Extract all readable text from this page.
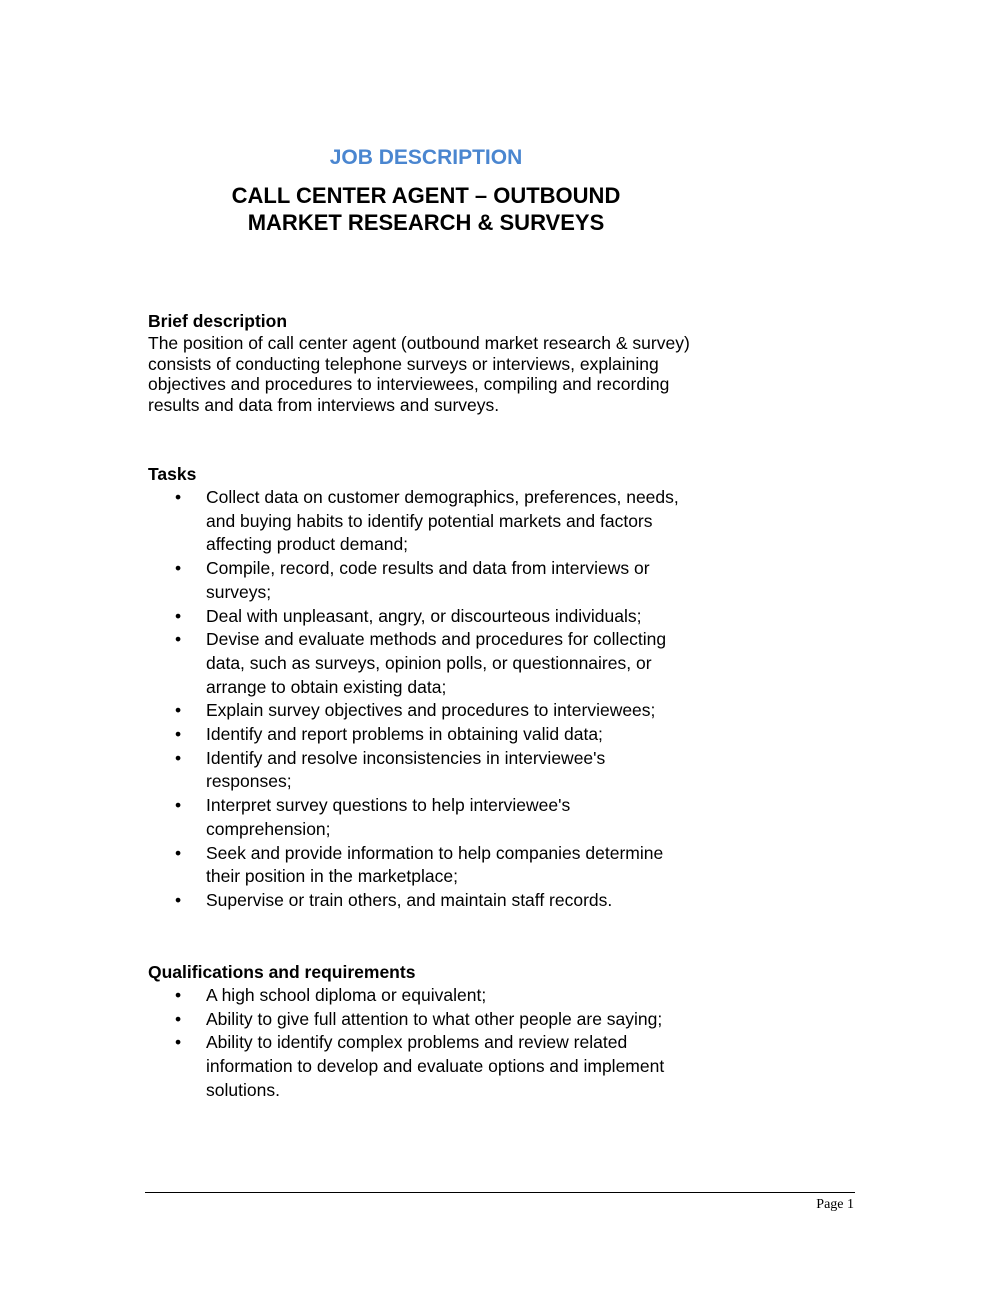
JOB DESCRIPTION
CALL CENTER AGENT – OUTBOUND
MARKET RESEARCH & SURVEYS
Brief description

The position of call center agent (outbound market research & survey)
consists of conducting telephone surveys or interviews, explaining
objectives and procedures to interviewees, compiling and recording
results and data from interviews and surveys.

Tasks
• Collect data on customer demographics, preferences, needs,
and buying habits to identify potential markets and factors
affecting product demand;
• Compile, record, code results and data from interviews or
surveys;
• Deal with unpleasant, angry, or discourteous individuals;
• Devise and evaluate methods and procedures for collecting
data, such as surveys, opinion polls, or questionnaires, or
arrange to obtain existing data;
• Explain survey objectives and procedures to interviewees;
• Identify and report problems in obtaining valid data;
• Identify and resolve inconsistencies in interviewee's
responses;
• Interpret survey questions to help interviewee's
comprehension;
• Seek and provide information to help companies determine
their position in the marketplace;
• Supervise or train others, and maintain staff records.
Qualifications and requirements
• A high school diploma or equivalent;
• Ability to give full attention to what other people are saying;
• Ability to identify complex problems and review related
information to develop and evaluate options and implement
solutions.
Page 1
